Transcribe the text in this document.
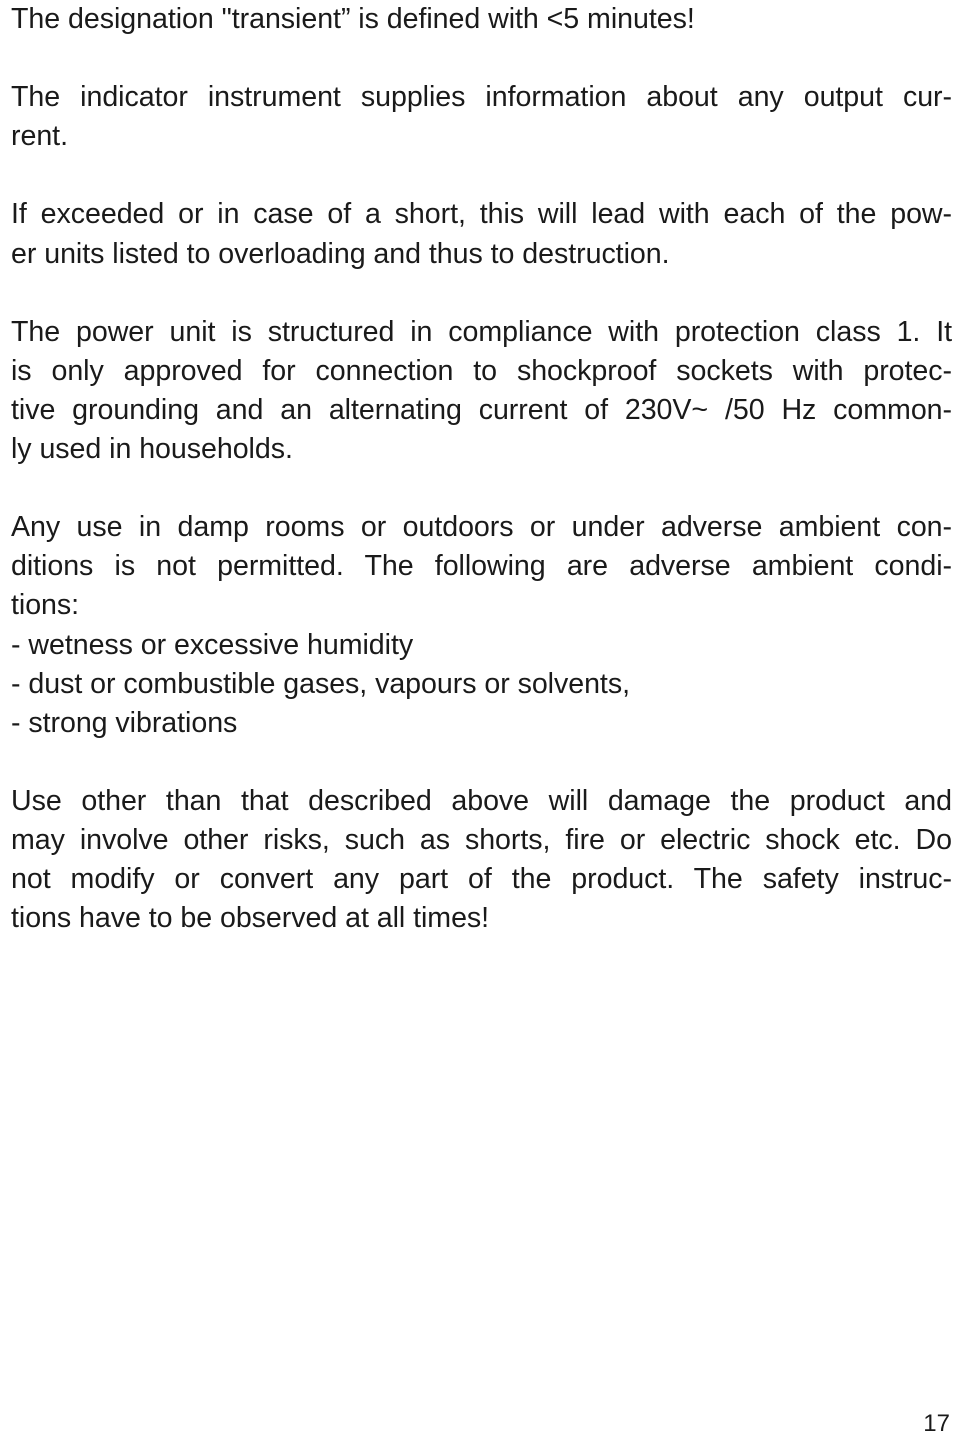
The designation "transient” is defined with <5 minutes!
The indicator instrument supplies information about any output cur-
rent.
If exceeded or in case of a short, this will lead with each of the pow-
er units listed to overloading and thus to destruction.
The power unit is structured in compliance with protection class 1. It
is only approved for connection to shockproof sockets with protec-
tive grounding and an alternating current of 230V~ /50 Hz common-
ly used in households.
Any use in damp rooms or outdoors or under adverse ambient con-
ditions is not permitted. The following are adverse ambient condi-
tions:
- wetness or excessive humidity
- dust or combustible gases, vapours or solvents,
- strong vibrations
Use other than that described above will damage the product and
may involve other risks, such as shorts, fire or electric shock etc. Do
not modify or convert any part of the product. The safety instruc-
tions have to be observed at all times!
17
